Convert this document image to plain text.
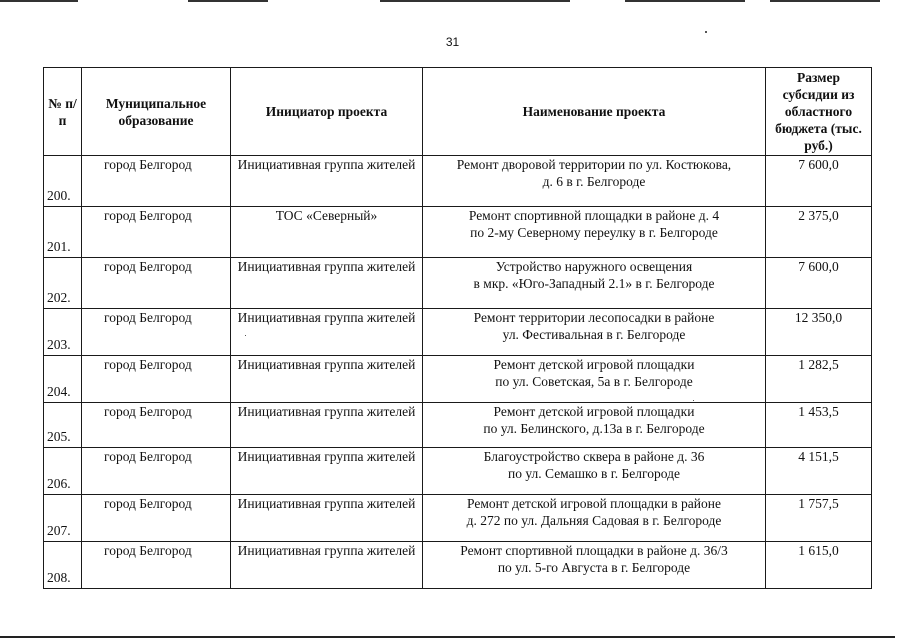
31
№ п/п	Муниципальное образование	Инициатор проекта	Наименование проекта	Размер субсидии из областного бюджета (тыс. руб.)
200.	город Белгород	Инициативная группа жителей	Ремонт дворовой территории по ул. Костюкова,
д. 6 в г. Белгороде	7 600,0
201.	город Белгород	ТОС «Северный»	Ремонт спортивной площадки в районе д. 4
по 2-му Северному переулку в г. Белгороде	2 375,0
202.	город Белгород	Инициативная группа жителей	Устройство наружного освещения
в мкр. «Юго-Западный 2.1» в г. Белгороде	7 600,0
203.	город Белгород	Инициативная группа жителей	Ремонт территории лесопосадки в районе
ул. Фестивальная в г. Белгороде	12 350,0
204.	город Белгород	Инициативная группа жителей	Ремонт детской игровой площадки
по ул. Советская, 5а в г. Белгороде	1 282,5
205.	город Белгород	Инициативная группа жителей	Ремонт детской игровой площадки
по ул. Белинского, д.13а в г. Белгороде	1 453,5
206.	город Белгород	Инициативная группа жителей	Благоустройство сквера в районе д. 36
по ул. Семашко в г. Белгороде	4 151,5
207.	город Белгород	Инициативная группа жителей	Ремонт детской игровой площадки в районе
д. 272 по ул. Дальняя Садовая в г. Белгороде	1 757,5
208.	город Белгород	Инициативная группа жителей	Ремонт спортивной площадки в районе д. 36/3
по ул. 5-го Августа в г. Белгороде	1 615,0
